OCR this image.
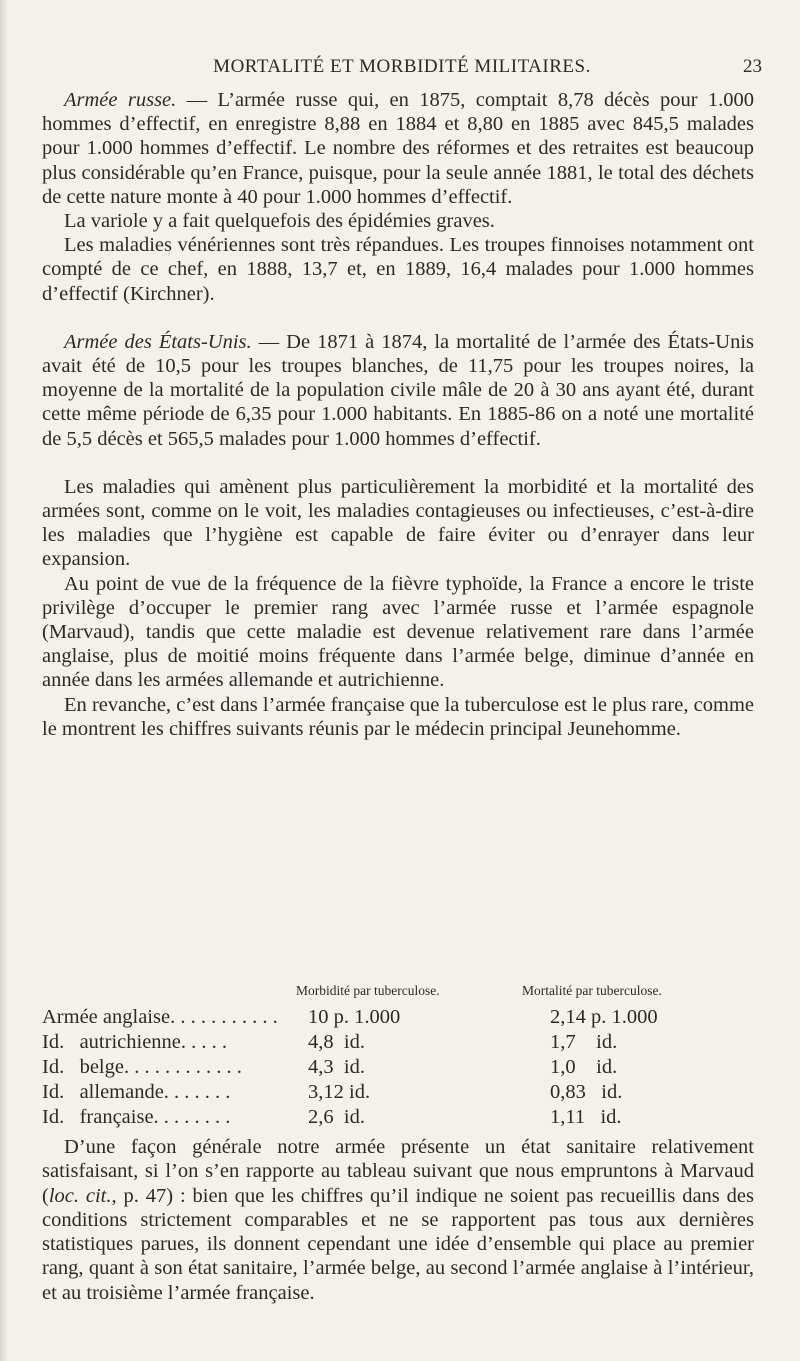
MORTALITÉ ET MORBIDITÉ MILITAIRES.	23

Armée russe. — L’armée russe qui, en 1875, comptait 8,78 décès pour 1.000 hommes d’effectif, en enregistre 8,88 en 1884 et 8,80 en 1885 avec 845,5 malades pour 1.000 hommes d’effectif. Le nombre des réformes et des retraites est beaucoup plus considérable qu’en France, puisque, pour la seule année 1881, le total des déchets de cette nature monte à 40 pour 1.000 hommes d’effectif.

La variole y a fait quelquefois des épidémies graves.

Les maladies vénériennes sont très répandues. Les troupes finnoises notamment ont compté de ce chef, en 1888, 13,7 et, en 1889, 16,4 malades pour 1.000 hommes d’effectif (Kirchner).

Armée des États-Unis. — De 1871 à 1874, la mortalité de l’armée des États-Unis avait été de 10,5 pour les troupes blanches, de 11,75 pour les troupes noires, la moyenne de la mortalité de la population civile mâle de 20 à 30 ans ayant été, durant cette même période de 6,35 pour 1.000 habitants. En 1885-86 on a noté une mortalité de 5,5 décès et 565,5 malades pour 1.000 hommes d’effectif.

Les maladies qui amènent plus particulièrement la morbidité et la mortalité des armées sont, comme on le voit, les maladies contagieuses ou infectieuses, c’est-à-dire les maladies que l’hygiène est capable de faire éviter ou d’enrayer dans leur expansion.

Au point de vue de la fréquence de la fièvre typhoïde, la France a encore le triste privilège d’occuper le premier rang avec l’armée russe et l’armée espagnole (Marvaud), tandis que cette maladie est devenue relativement rare dans l’armée anglaise, plus de moitié moins fréquente dans l’armée belge, diminue d’année en année dans les armées allemande et autrichienne.

En revanche, c’est dans l’armée française que la tuberculose est le plus rare, comme le montrent les chiffres suivants réunis par le médecin principal Jeunehomme.

Morbidité par tuberculose.	Mortalité par tuberculose.
Armée anglaise. . . . . . . . . . . 10 p. 1.000	2,14 p. 1.000
Id.   autrichienne. . . . .	4,8  id.	1,7    id.
Id.   belge. . . . . . . . . . . .	4,3  id.	1,0    id.
Id.   allemande. . . . . . .	3,12 id.	0,83   id.
Id.   française. . . . . . . .	2,6  id.	1,11   id.

D’une façon générale notre armée présente un état sanitaire relativement satisfaisant, si l’on s’en rapporte au tableau suivant que nous empruntons à Marvaud (loc. cit., p. 47) : bien que les chiffres qu’il indique ne soient pas recueillis dans des conditions strictement comparables et ne se rapportent pas tous aux dernières statistiques parues, ils donnent cependant une idée d’ensemble qui place au premier rang, quant à son état sanitaire, l’armée belge, au second l’armée anglaise à l’intérieur, et au troisième l’armée française.
